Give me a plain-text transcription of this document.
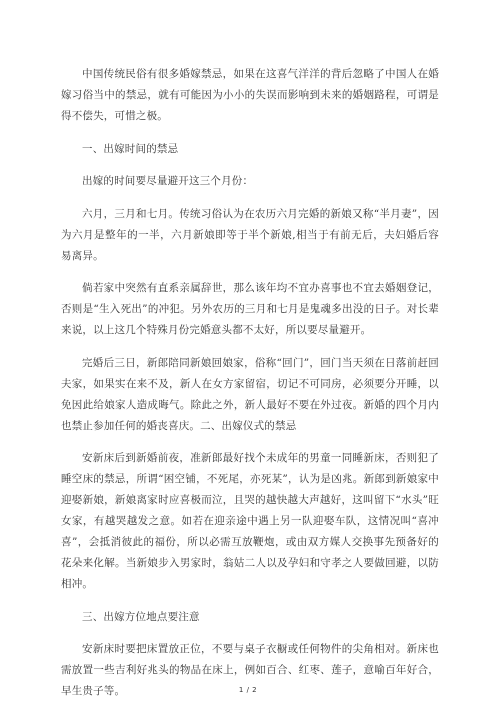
中国传统民俗有很多婚嫁禁忌，如果在这喜气洋洋的背后忽略了中国人在婚嫁习俗当中的禁忌，就有可能因为小小的失误而影响到未来的婚姻路程，可谓是得不偿失，可惜之极。

一、出嫁时间的禁忌

出嫁的时间要尽量避开这三个月份：

六月，三月和七月。传统习俗认为在农历六月完婚的新娘又称“半月妻”，因为六月是整年的一半，六月新娘即等于半个新娘,相当于有前无后，夫妇婚后容易离异。

倘若家中突然有直系亲属辞世，那么该年均不宜办喜事也不宜去婚姻登记，否则是“生入死出”的冲犯。另外农历的三月和七月是鬼魂多出没的日子。对长辈来说，以上这几个特殊月份完婚意头都不太好，所以要尽量避开。

完婚后三日，新郎陪同新娘回娘家，俗称“回门”，回门当天须在日落前赶回夫家，如果实在来不及，新人在女方家留宿，切记不可同房，必须要分开睡，以免因此给娘家人造成晦气。除此之外，新人最好不要在外过夜。新婚的四个月内也禁止参加任何的婚丧喜庆。二、出嫁仪式的禁忌

安新床后到新婚前夜，准新郎最好找个未成年的男童一同睡新床，否则犯了睡空床的禁忌，所谓“困空铺，不死尾，亦死某”，认为是凶兆。新郎到新娘家中迎娶新娘，新娘离家时应喜极而泣，且哭的越快越大声越好，这叫留下“水头”旺女家，有越哭越发之意。如若在迎亲途中遇上另一队迎娶车队，这情况叫“喜冲喜”，会抵消彼此的福份，所以必需互放鞭炮，或由双方媒人交换事先预备好的花朵来化解。当新娘步入男家时，翁姑二人以及孕妇和守孝之人要做回避，以防相冲。

三、出嫁方位地点要注意

安新床时要把床置放正位，不要与桌子衣橱或任何物件的尖角相对。新床也需放置一些吉利好兆头的物品在床上，例如百合、红枣、莲子，意喻百年好合，早生贵子等。	1 / 2
